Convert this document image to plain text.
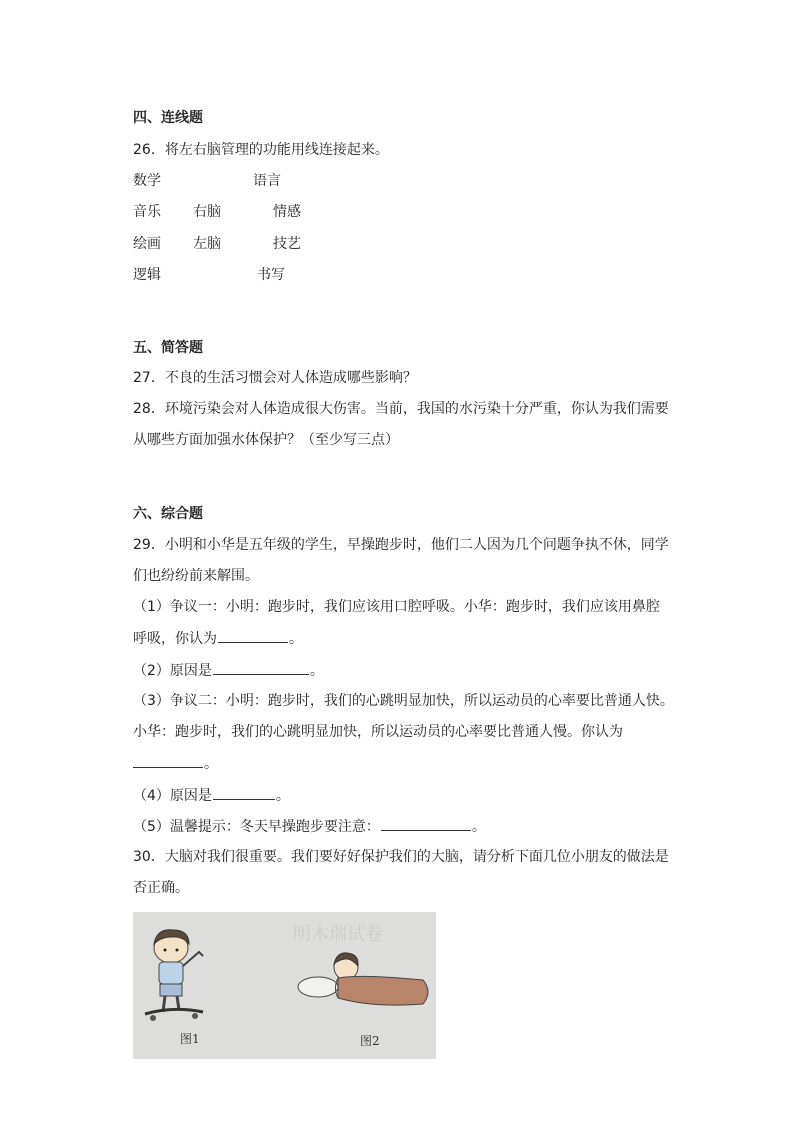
四、连线题
26．将左右脑管理的功能用线连接起来。
数学	语言
音乐 右脑	情感
绘画 左脑	技艺
逻辑	书写
五、简答题
27．不良的生活习惯会对人体造成哪些影响？
28．环境污染会对人体造成很大伤害。当前，我国的水污染十分严重，你认为我们需要
从哪些方面加强水体保护？（至少写三点）
六、综合题
29．小明和小华是五年级的学生，早操跑步时，他们二人因为几个问题争执不休，同学
们也纷纷前来解围。
（1）争议一：小明：跑步时，我们应该用口腔呼吸。小华：跑步时，我们应该用鼻腔
呼吸，你认为	。
（2）原因是	。
（3）争议二：小明：跑步时，我们的心跳明显加快，所以运动员的心率要比普通人快。
小华：跑步时，我们的心跳明显加快，所以运动员的心率要比普通人慢。你认为
。
（4）原因是	。
（5）温馨提示：冬天早操跑步要注意：	。
30．大脑对我们很重要。我们要好好保护我们的大脑，请分析下面几位小朋友的做法是
否正确。
明木瑞试卷
图1	图2
